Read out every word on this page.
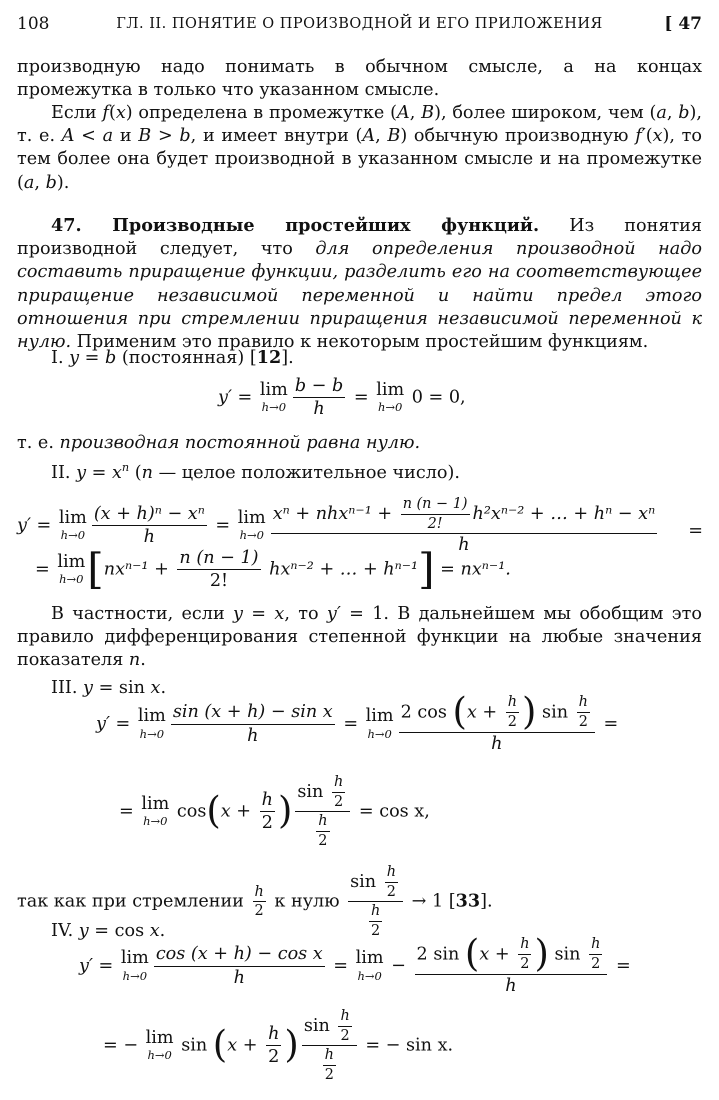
108	ГЛ. II. ПОНЯТИЕ О ПРОИЗВОДНОЙ И ЕГО ПРИЛОЖЕНИЯ	[ 47
производную надо понимать в обычном смысле, а на концах промежутка в только что указанном смысле.
Если f(x) определена в промежутке (A, B), более широком, чем (a, b), т. е. A < a и B > b, и имеет внутри (A, B) обычную производную f′(x), то тем более она будет производной в указанном смысле и на промежутке (a, b).
47. Производные простейших функций. Из понятия производной следует, что для определения производной надо составить приращение функции, разделить его на соответствующее приращение независимой переменной и найти предел этого отношения при стремлении приращения независимой переменной к нулю. Применим это правило к некоторым простейшим функциям.
I. y = b (постоянная) [12].
y′ = lim
$h\to 0 \frac{b - b}{h} = \lim$
h→0 0 = 0,
т. е. производная постоянной равна нулю.
II. $y = x^n$ (n — целое положительное число).
y′ = lim
$h\to 0 \frac{\text{(x + h)ⁿ − xⁿ}}{h} = \lim$
h→0
$x^n + nhx^{n-1} + \frac{n (n - 1)}{2!} h^2x^{n-2}$ + … + hⁿ − xⁿ
h
=
= lim
h→0 [$nx^{n-1} + \frac{n (n - 1)}{2!} hx^{n-2}$ + … + hⁿ⁻¹] = nxⁿ⁻¹.
В частности, если y = x, то y′ = 1. В дальнейшем мы обобщим это правило дифференцирования степенной функции на любые значения показателя n.
III. y = sin x.
y′ = lim
$h\to 0 \frac{\text{sin (x + h) − sin x}}{h} = \lim$
$h\to 0 \frac{2 \cos (x + \frac{h}{2} ) \sin \frac{h}{2}}{h}$ =
= lim
h→0 $\cos(x + \frac{h}{2}$ ) $\frac{\sin \frac{h}{2}}{\frac{h}{2}} = \cos x$,
так как при стремлении $\frac{h}{2}$ к нулю $\frac{\sin \frac{h}{2}}{\frac{h}{2}} \to 1$ [33].
IV. y = cos x.
y′ = lim
$h\to 0 \frac{\text{cos (x + h) − cos x}}{h} = \lim$
$h\to 0 - \frac{2 \sin (x + \frac{h}{2} ) \sin \frac{h}{2}}{h}$ =
= − lim
h→0 $\sin (x + \frac{h}{2}$ ) $\frac{\sin \frac{h}{2}}{\frac{h}{2}}$ = − sin x.
